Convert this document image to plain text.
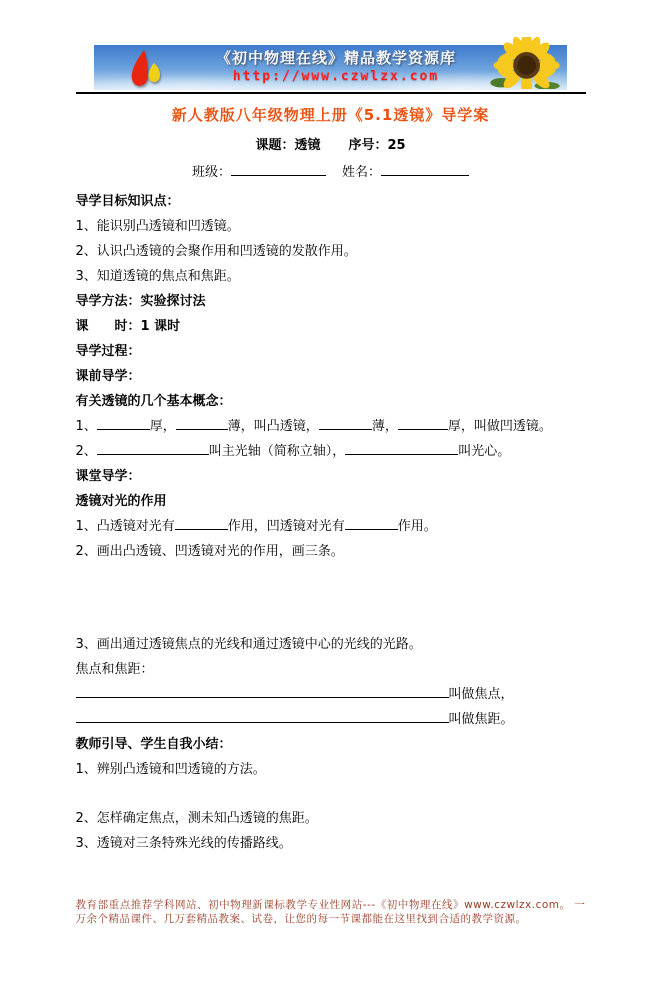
《初中物理在线》精品教学资源库
http://www.czwlzx.com
新人教版八年级物理上册《5.1透镜》导学案
课题：透镜 序号：25
班级：	姓名：

导学目标知识点：

1、能识别凸透镜和凹透镜。

2、认识凸透镜的会聚作用和凹透镜的发散作用。

3、知道透镜的焦点和焦距。

导学方法：实验探讨法

课　　时：1 课时

导学过程：

课前导学：

有关透镜的几个基本概念：

1、	厚，	薄，叫凸透镜，	薄，	厚，叫做凹透镜。

2、	叫主光轴（简称立轴），	叫光心。

课堂导学：

透镜对光的作用

1、凸透镜对光有	作用，凹透镜对光有	作用。

2、画出凸透镜、凹透镜对光的作用，画三条。

3、画出通过透镜焦点的光线和通过透镜中心的光线的光路。

焦点和焦距：

叫做焦点，

叫做焦距。

教师引导、学生自我小结：

1、辨别凸透镜和凹透镜的方法。

2、怎样确定焦点，测未知凸透镜的焦距。

3、透镜对三条特殊光线的传播路线。

教育部重点推荐学科网站、初中物理新课标教学专业性网站---《初中物理在线》www.czwlzx.com。 一万余个精品课件、几万套精品教案、试卷，让您的每一节课都能在这里找到合适的教学资源。
